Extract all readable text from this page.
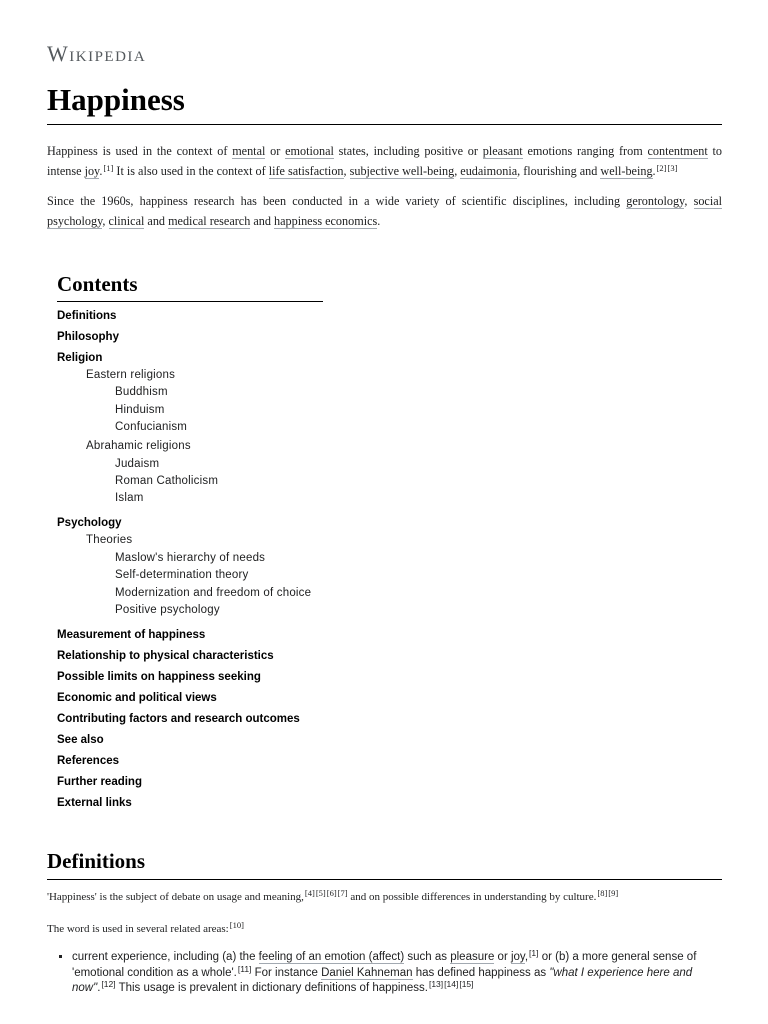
Wikipedia
Happiness

Happiness is used in the context of mental or emotional states, including positive or pleasant emotions ranging from contentment to intense joy.[1] It is also used in the context of life satisfaction, subjective well-being, eudaimonia, flourishing and well-being.[2][3]

Since the 1960s, happiness research has been conducted in a wide variety of scientific disciplines, including gerontology, social psychology, clinical and medical research and happiness economics.

Contents
Definitions
Philosophy
Religion
Eastern religions
Buddhism
Hinduism
Confucianism
Abrahamic religions
Judaism
Roman Catholicism
Islam
Psychology
Theories
Maslow's hierarchy of needs
Self-determination theory
Modernization and freedom of choice
Positive psychology
Measurement of happiness
Relationship to physical characteristics
Possible limits on happiness seeking
Economic and political views
Contributing factors and research outcomes
See also
References
Further reading
External links
Definitions

'Happiness' is the subject of debate on usage and meaning,[4][5][6][7] and on possible differences in understanding by culture.[8][9]

The word is used in several related areas:[10]

▪ current experience, including (a) the feeling of an emotion (affect) such as pleasure or joy,[1] or (b) a more general sense of 'emotional condition as a whole'.[11] For instance Daniel Kahneman has defined happiness as "what I experience here and now".[12] This usage is prevalent in dictionary definitions of happiness.[13][14][15]
